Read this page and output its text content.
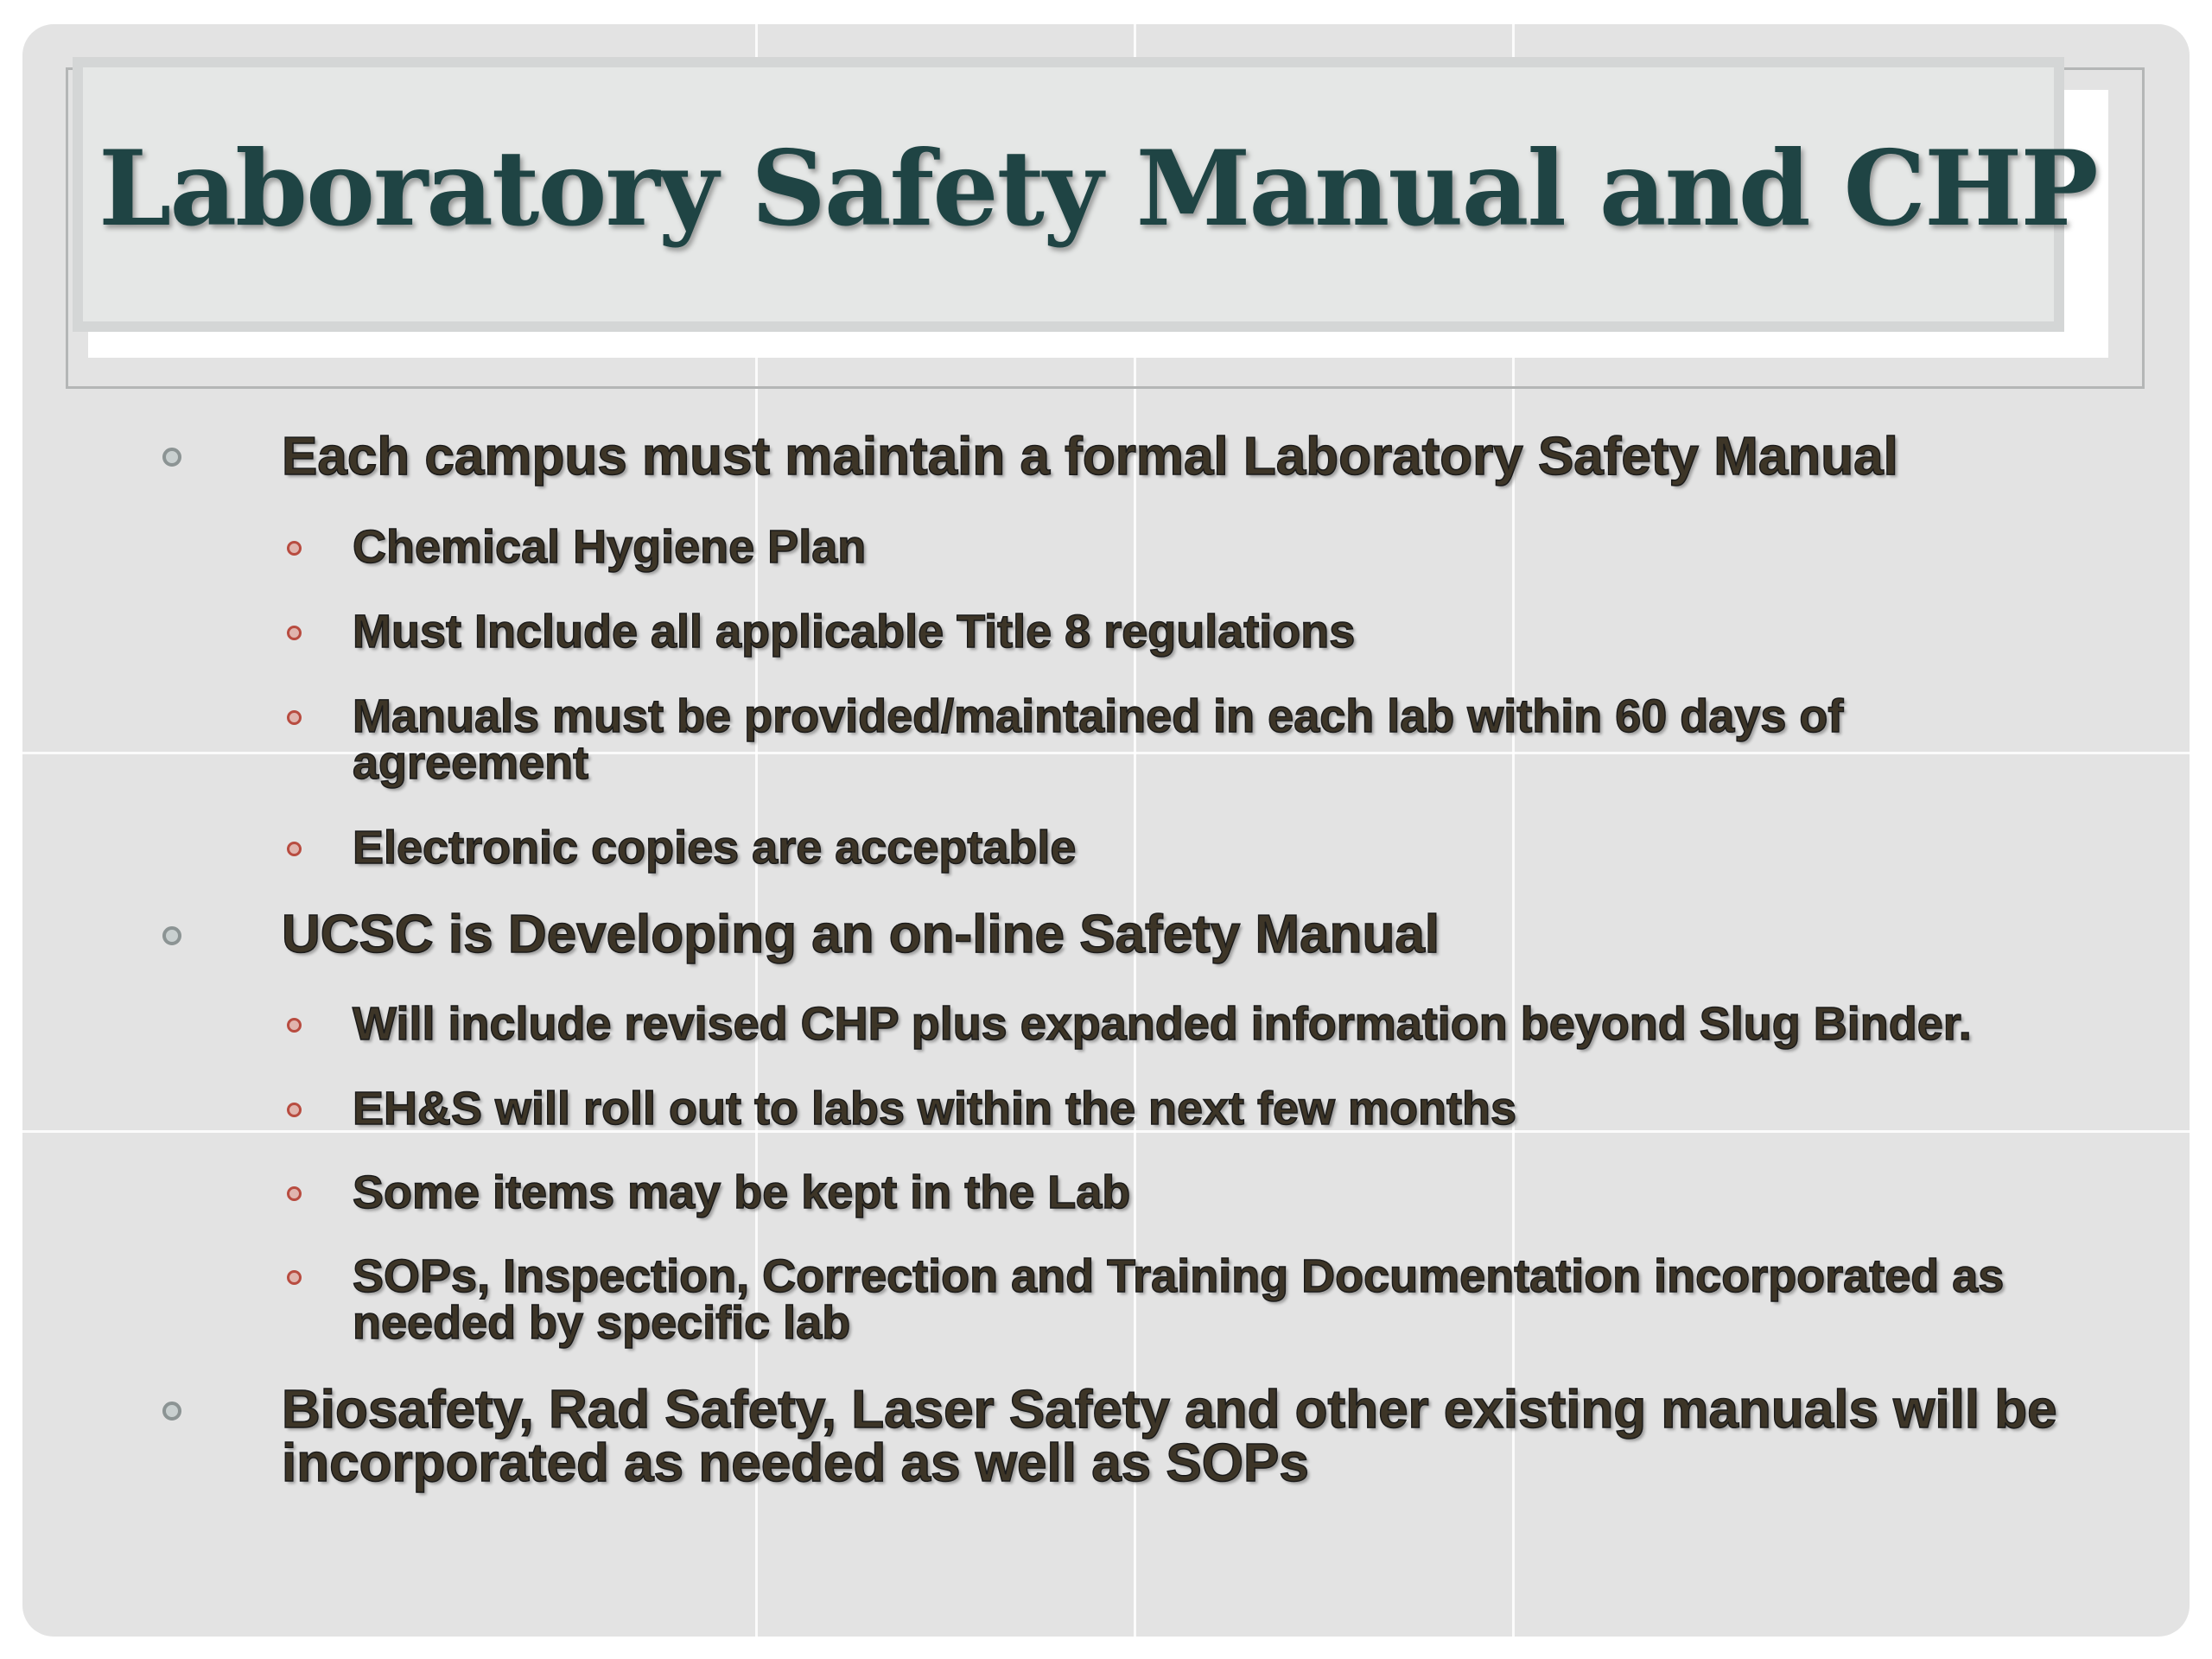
Laboratory Safety Manual and CHP
Each campus must maintain a formal Laboratory Safety Manual
Chemical Hygiene Plan
Must Include all applicable Title 8 regulations
Manuals must be provided/maintained in each lab within 60 days of agreement
Electronic copies are acceptable
UCSC is Developing an on-line Safety Manual
Will include revised CHP plus expanded information beyond Slug Binder.
EH&S will roll out to labs within the next few months
Some items may be kept in the Lab
SOPs, Inspection, Correction and Training Documentation incorporated as needed by specific lab
Biosafety, Rad Safety, Laser Safety and other existing manuals will be incorporated as needed as well as SOPs
